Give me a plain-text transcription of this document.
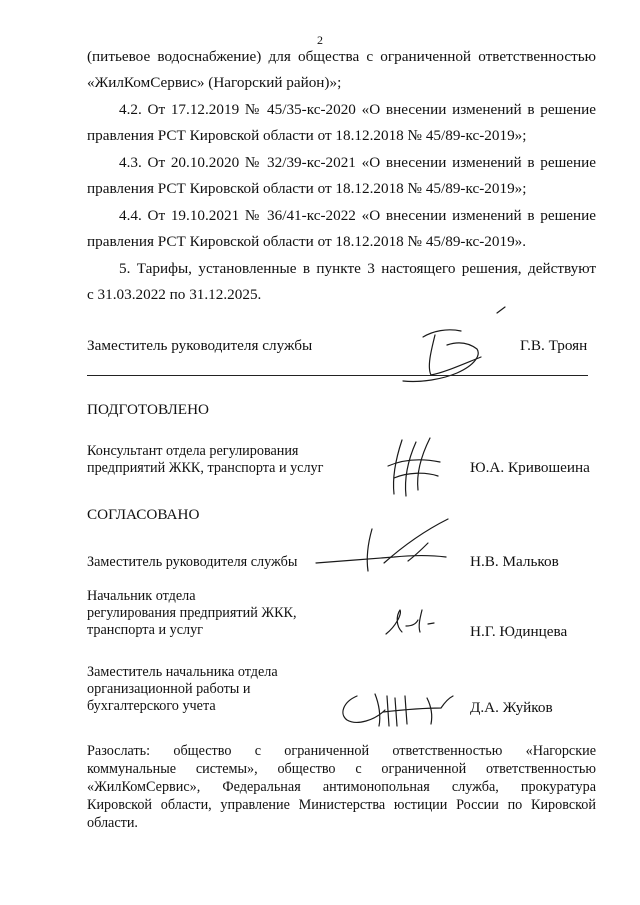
2
(питьевое водоснабжение) для общества с ограниченной ответственностью
«ЖилКомСервис» (Нагорский район)»;
4.2. От 17.12.2019 № 45/35-кс-2020 «О внесении изменений в решение
правления РСТ Кировской области от 18.12.2018 № 45/89-кс-2019»;
4.3. От 20.10.2020 № 32/39-кс-2021 «О внесении изменений в решение
правления РСТ Кировской области от 18.12.2018 № 45/89-кс-2019»;
4.4. От 19.10.2021 № 36/41-кс-2022 «О внесении изменений в решение
правления РСТ Кировской области от 18.12.2018 № 45/89-кс-2019».
5. Тарифы, установленные в пункте 3 настоящего решения, действуют
с 31.03.2022 по 31.12.2025.
Заместитель руководителя службы	Г.В. Троян
ПОДГОТОВЛЕНО
Консультант отдела регулирования
предприятий ЖКК, транспорта и услуг	Ю.А. Кривошеина
СОГЛАСОВАНО
Заместитель руководителя службы	Н.В. Мальков
Начальник отдела
регулирования предприятий ЖКК,
транспорта и услуг	Н.Г. Юдинцева
Заместитель начальника отдела
организационной работы и
бухгалтерского учета	Д.А. Жуйков
Разослать: общество с ограниченной ответственностью «Нагорские
коммунальные системы», общество с ограниченной ответственностью
«ЖилКомСервис», Федеральная антимонопольная служба, прокуратура
Кировской области, управление Министерства юстиции России по Кировской
области.
